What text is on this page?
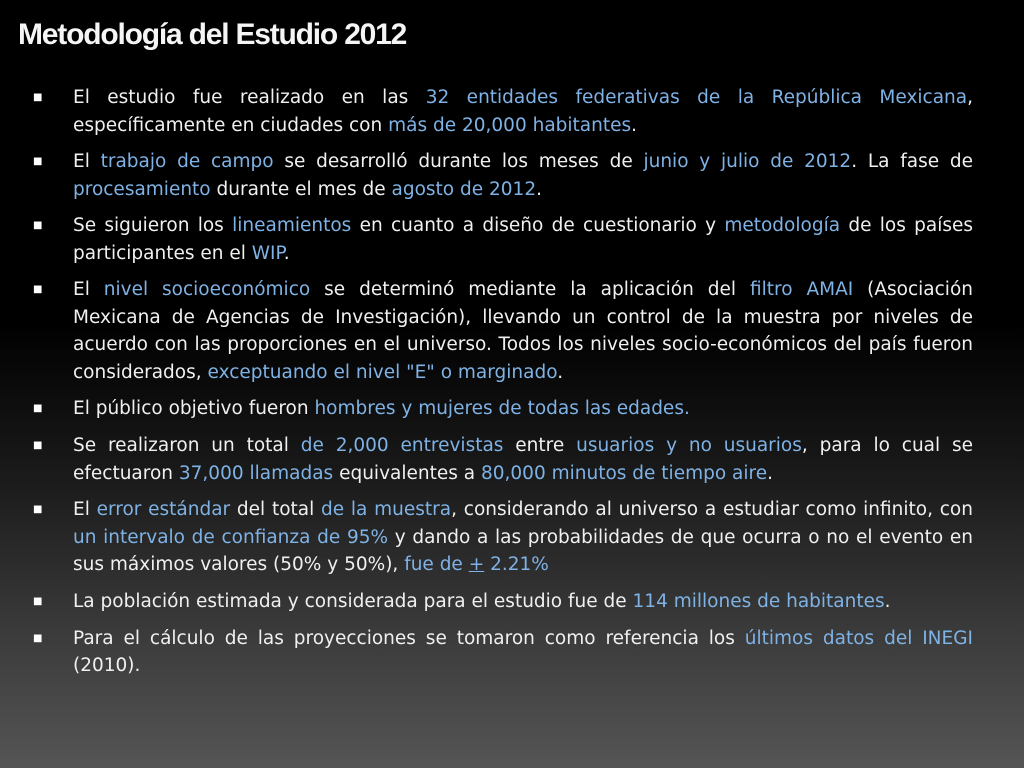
Metodología del Estudio 2012
■	El estudio fue realizado en las 32 entidades federativas de la República Mexicana, específicamente en ciudades con más de 20,000 habitantes.

■	El trabajo de campo se desarrolló durante los meses de junio y julio de 2012. La fase de procesamiento durante el mes de agosto de 2012.

■	Se siguieron los lineamientos en cuanto a diseño de cuestionario y metodología de los países participantes en el WIP.

■	El nivel socioeconómico se determinó mediante la aplicación del filtro AMAI (Asociación Mexicana de Agencias de Investigación), llevando un control de la muestra por niveles de acuerdo con las proporciones en el universo. Todos los niveles socio-económicos del país fueron considerados, exceptuando el nivel "E" o marginado.

■	El público objetivo fueron hombres y mujeres de todas las edades.

■	Se realizaron un total de 2,000 entrevistas entre usuarios y no usuarios, para lo cual se efectuaron 37,000 llamadas equivalentes a 80,000 minutos de tiempo aire.

■	El error estándar del total de la muestra, considerando al universo a estudiar como infinito, con un intervalo de confianza de 95% y dando a las probabilidades de que ocurra o no el evento en sus máximos valores (50% y 50%), fue de + 2.21%

■	La población estimada y considerada para el estudio fue de 114 millones de habitantes.

■	Para el cálculo de las proyecciones se tomaron como referencia los últimos datos del INEGI (2010).
